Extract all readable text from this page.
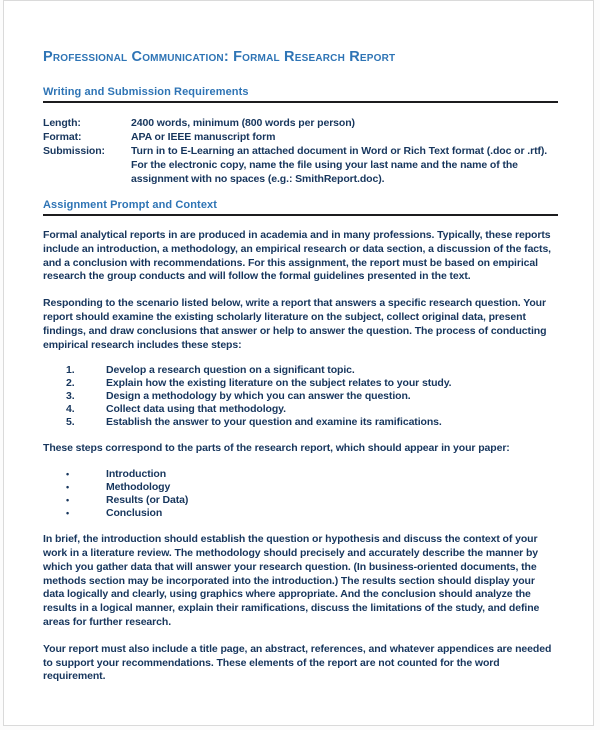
Professional Communication: Formal Research Report
Writing and Submission Requirements
Length:	2400 words, minimum (800 words per person)
Format:	APA or IEEE manuscript form
Submission:	Turn in to E-Learning an attached document in Word or Rich Text format (.doc or .rtf). For the electronic copy, name the file using your last name and the name of the assignment with no spaces (e.g.: SmithReport.doc).
Assignment Prompt and Context

Formal analytical reports in are produced in academia and in many professions. Typically, these reports include an introduction, a methodology, an empirical research or data section, a discussion of the facts, and a conclusion with recommendations. For this assignment, the report must be based on empirical research the group conducts and will follow the formal guidelines presented in the text.

Responding to the scenario listed below, write a report that answers a specific research question. Your report should examine the existing scholarly literature on the subject, collect original data, present findings, and draw conclusions that answer or help to answer the question. The process of conducting empirical research includes these steps:

1.	Develop a research question on a significant topic.
2.	Explain how the existing literature on the subject relates to your study.
3.	Design a methodology by which you can answer the question.
4.	Collect data using that methodology.
5.	Establish the answer to your question and examine its ramifications.

These steps correspond to the parts of the research report, which should appear in your paper:

•	Introduction
•	Methodology
•	Results (or Data)
•	Conclusion

In brief, the introduction should establish the question or hypothesis and discuss the context of your work in a literature review. The methodology should precisely and accurately describe the manner by which you gather data that will answer your research question. (In business-oriented documents, the methods section may be incorporated into the introduction.) The results section should display your data logically and clearly, using graphics where appropriate. And the conclusion should analyze the results in a logical manner, explain their ramifications, discuss the limitations of the study, and define areas for further research.

Your report must also include a title page, an abstract, references, and whatever appendices are needed to support your recommendations. These elements of the report are not counted for the word requirement.
